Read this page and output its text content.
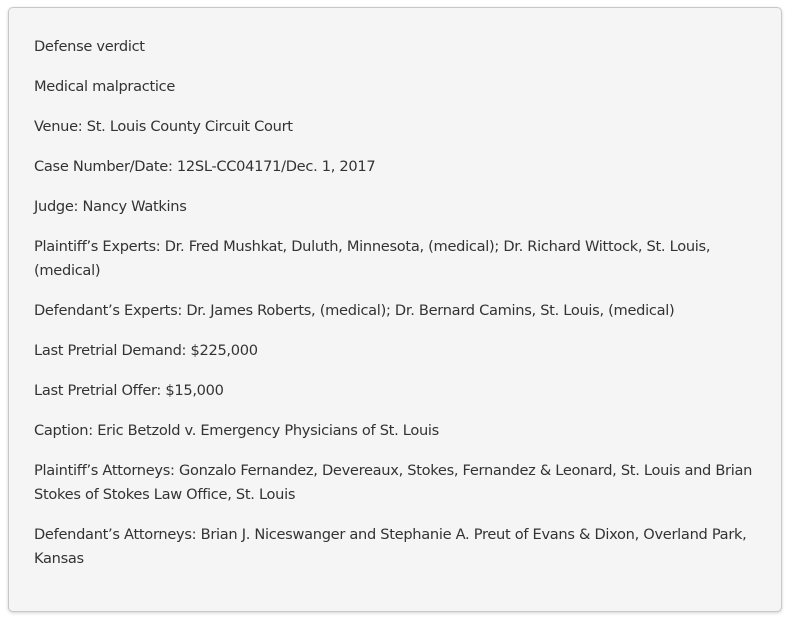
Defense verdict
Medical malpractice
Venue: St. Louis County Circuit Court
Case Number/Date: 12SL-CC04171/Dec. 1, 2017
Judge: Nancy Watkins
Plaintiff’s Experts: Dr. Fred Mushkat, Duluth, Minnesota, (medical); Dr. Richard Wittock, St. Louis, (medical)
Defendant’s Experts: Dr. James Roberts, (medical); Dr. Bernard Camins, St. Louis, (medical)
Last Pretrial Demand: $225,000
Last Pretrial Offer: $15,000
Caption: Eric Betzold v. Emergency Physicians of St. Louis
Plaintiff’s Attorneys: Gonzalo Fernandez, Devereaux, Stokes, Fernandez & Leonard, St. Louis and Brian Stokes of Stokes Law Office, St. Louis
Defendant’s Attorneys: Brian J. Niceswanger and Stephanie A. Preut of Evans & Dixon, Overland Park, Kansas
